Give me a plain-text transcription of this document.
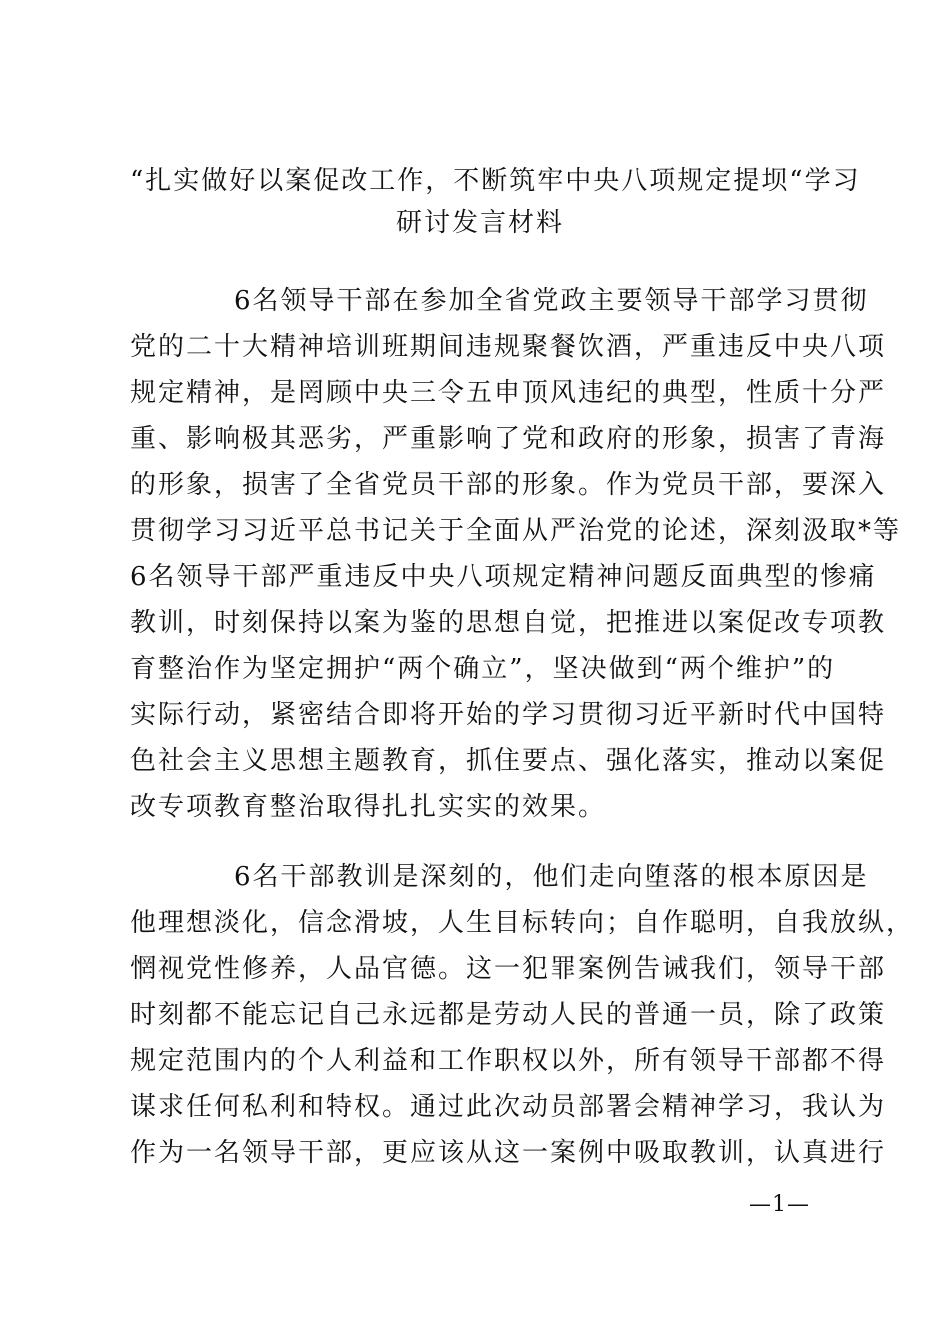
“扎实做好以案促改工作，不断筑牢中央八项规定提坝“学习
研讨发言材料
6名领导干部在参加全省党政主要领导干部学习贯彻
党的二十大精神培训班期间违规聚餐饮酒，严重违反中央八项
规定精神，是罔顾中央三令五申顶风违纪的典型，性质十分严
重、影响极其恶劣，严重影响了党和政府的形象，损害了青海
的形象，损害了全省党员干部的形象。作为党员干部，要深入
贯彻学习习近平总书记关于全面从严治党的论述，深刻汲取*等
6名领导干部严重违反中央八项规定精神问题反面典型的惨痛
教训，时刻保持以案为鉴的思想自觉，把推进以案促改专项教
育整治作为坚定拥护“两个确立”，坚决做到“两个维护”的
实际行动，紧密结合即将开始的学习贯彻习近平新时代中国特
色社会主义思想主题教育，抓住要点、强化落实，推动以案促
改专项教育整治取得扎扎实实的效果。
6名干部教训是深刻的，他们走向堕落的根本原因是
他理想淡化，信念滑坡，人生目标转向；自作聪明，自我放纵，
惘视党性修养，人品官德。这一犯罪案例告诫我们，领导干部
时刻都不能忘记自己永远都是劳动人民的普通一员，除了政策
规定范围内的个人利益和工作职权以外，所有领导干部都不得
谋求任何私利和特权。通过此次动员部署会精神学习，我认为
作为一名领导干部，更应该从这一案例中吸取教训，认真进行
—1—
